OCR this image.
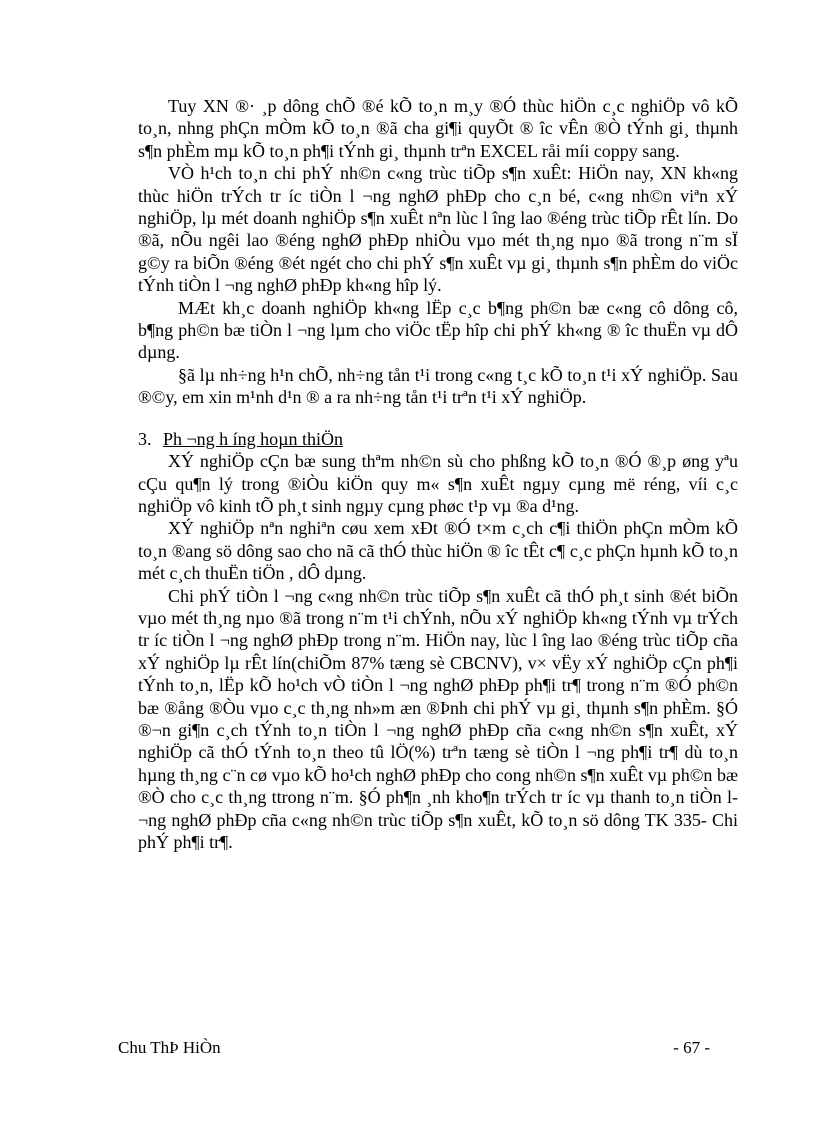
Tuy XN ®· ¸p dông chÕ ®é kÕ to¸n m¸y ®Ó thùc hiÖn c¸c nghiÖp vô kÕ to¸n, nhng phÇn mÒm kÕ to¸n ®ã cha gi¶i quyÕt ® îc vÊn ®Ò tÝnh gi¸ thµnh s¶n phÈm mµ kÕ to¸n ph¶i tÝnh gi¸ thµnh trªn EXCEL råi míi coppy sang.

VÒ h¹ch to¸n chi phÝ nh©n c«ng trùc tiÕp s¶n xuÊt: HiÖn nay, XN kh«ng thùc hiÖn trÝch tr íc tiÒn l ¬ng nghØ phÐp cho c¸n bé, c«ng nh©n viªn xÝ nghiÖp, lµ mét doanh nghiÖp s¶n xuÊt nªn lùc l îng lao ®éng trùc tiÕp rÊt lín. Do ®ã, nÕu ngêi lao ®éng nghØ phÐp nhiÒu vµo mét th¸ng nµo ®ã trong n¨m sÏ g©y ra biÕn ®éng ®ét ngét cho chi phÝ s¶n xuÊt vµ gi¸ thµnh s¶n phÈm do viÖc tÝnh tiÒn l ¬ng nghØ phÐp kh«ng hîp lý.

MÆt kh¸c doanh nghiÖp kh«ng lËp c¸c b¶ng ph©n bæ c«ng cô dông cô, b¶ng ph©n bæ tiÒn l ¬ng lµm cho viÖc tËp hîp chi phÝ kh«ng ® îc thuËn vµ dÔ dµng.

§ã lµ nh÷ng h¹n chÕ, nh÷ng tån t¹i trong c«ng t¸c kÕ to¸n t¹i xÝ nghiÖp. Sau ®©y, em xin m¹nh d¹n ® a ra nh÷ng tån t¹i trªn t¹i xÝ nghiÖp.

3. Ph ¬ng h íng hoµn thiÖn

XÝ nghiÖp cÇn bæ sung thªm nh©n sù cho phßng kÕ to¸n ®Ó ®¸p øng yªu cÇu qu¶n lý trong ®iÒu kiÖn quy m« s¶n xuÊt ngµy cµng më réng, víi c¸c nghiÖp vô kinh tÕ ph¸t sinh ngµy cµng phøc t¹p vµ ®a d¹ng.

XÝ nghiÖp nªn nghiªn cøu xem xÐt ®Ó t×m c¸ch c¶i thiÖn phÇn mÒm kÕ to¸n ®ang sö dông sao cho nã cã thÓ thùc hiÖn ® îc tÊt c¶ c¸c phÇn hµnh kÕ to¸n mét c¸ch thuËn tiÖn , dÔ dµng.

Chi phÝ tiÒn l ¬ng c«ng nh©n trùc tiÕp s¶n xuÊt cã thÓ ph¸t sinh ®ét biÕn vµo mét th¸ng nµo ®ã trong n¨m t¹i chÝnh, nÕu xÝ nghiÖp kh«ng tÝnh vµ trÝch tr íc tiÒn l ¬ng nghØ phÐp trong n¨m. HiÖn nay, lùc l îng lao ®éng trùc tiÕp cña xÝ nghiÖp lµ rÊt lín(chiÕm 87% tæng sè CBCNV), v× vËy xÝ nghiÖp cÇn ph¶i tÝnh to¸n, lËp kÕ ho¹ch vÒ tiÒn l ¬ng nghØ phÐp ph¶i tr¶ trong n¨m ®Ó ph©n bæ ®ång ®Òu vµo c¸c th¸ng nh»m æn ®Þnh chi phÝ vµ gi¸ thµnh s¶n phÈm. §Ó ®¬n gi¶n c¸ch tÝnh to¸n tiÒn l ¬ng nghØ phÐp cña c«ng nh©n s¶n xuÊt, xÝ nghiÖp cã thÓ tÝnh to¸n theo tû lÖ(%) trªn tæng sè tiÒn l ¬ng ph¶i tr¶ dù to¸n hµng th¸ng c¨n cø vµo kÕ ho¹ch nghØ phÐp cho cong nh©n s¶n xuÊt vµ ph©n bæ ®Ò cho c¸c th¸ng ttrong n¨m. §Ó ph¶n ¸nh kho¶n trÝch tr íc vµ thanh to¸n tiÒn l ¬ng nghØ phÐp cña c«ng nh©n trùc tiÕp s¶n xuÊt, kÕ to¸n sö dông TK 335- Chi phÝ ph¶i tr¶.

Chu ThÞ HiÒn	- 67 -
